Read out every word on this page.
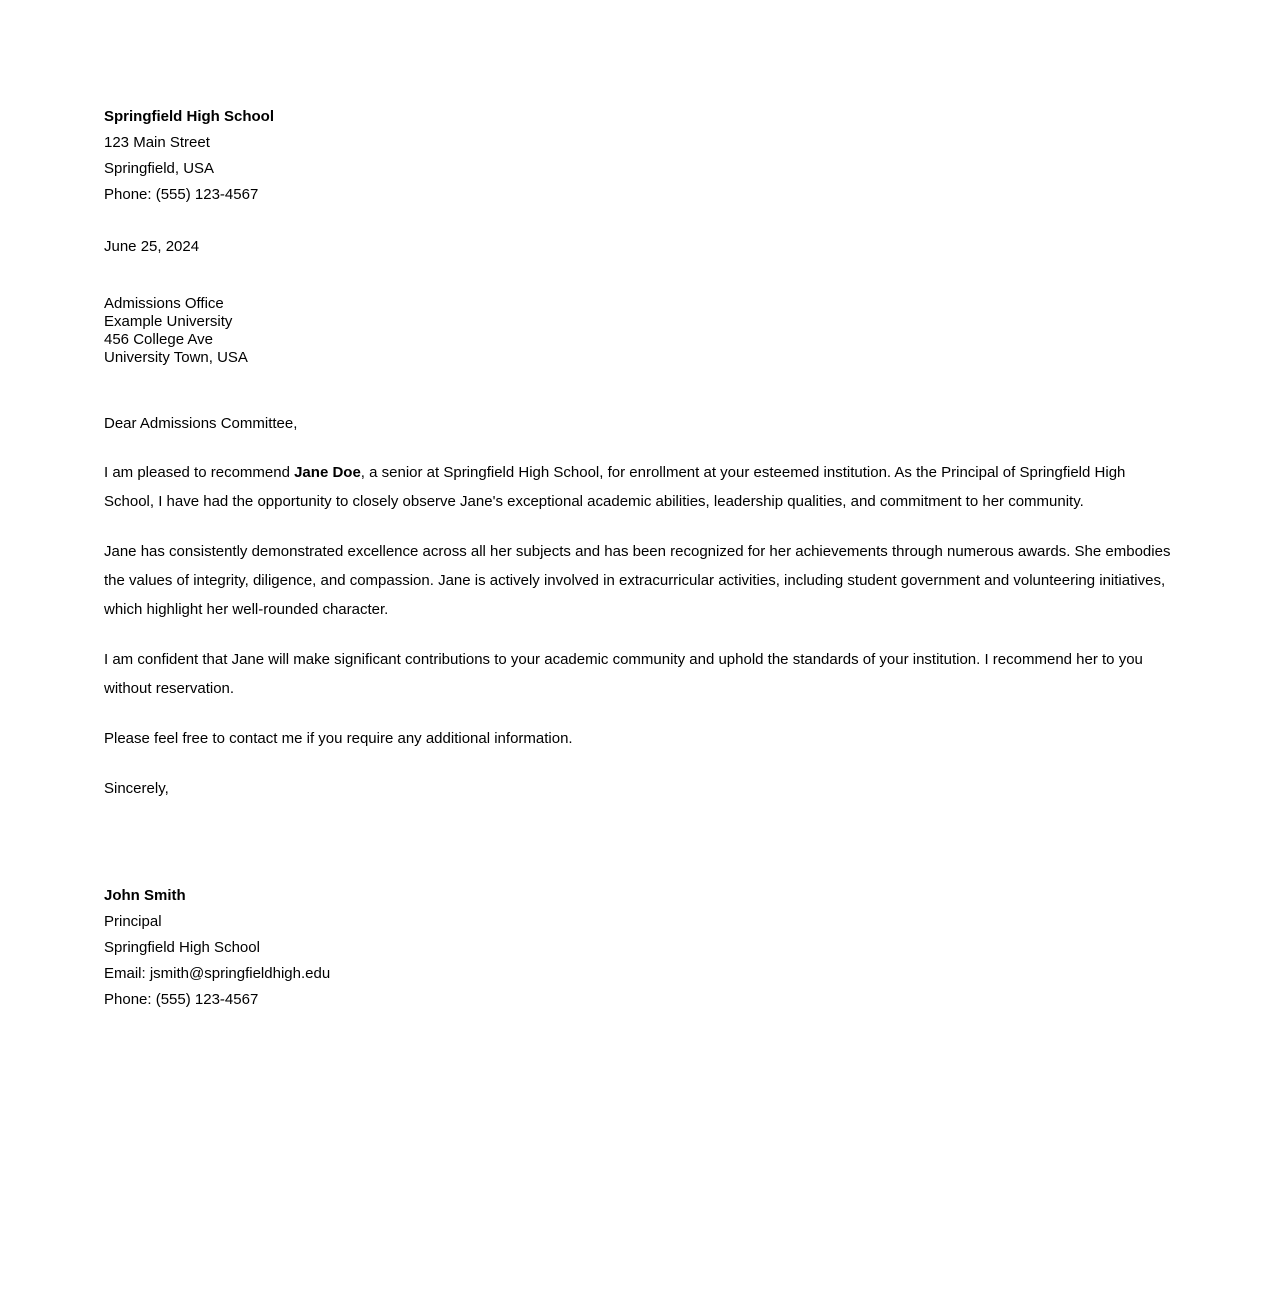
Springfield High School
123 Main Street
Springfield, USA
Phone: (555) 123-4567
June 25, 2024
Admissions Office
Example University
456 College Ave
University Town, USA
Dear Admissions Committee,

I am pleased to recommend Jane Doe, a senior at Springfield High School, for enrollment at your esteemed institution. As the Principal of Springfield High School, I have had the opportunity to closely observe Jane's exceptional academic abilities, leadership qualities, and commitment to her community.

Jane has consistently demonstrated excellence across all her subjects and has been recognized for her achievements through numerous awards. She embodies the values of integrity, diligence, and compassion. Jane is actively involved in extracurricular activities, including student government and volunteering initiatives, which highlight her well-rounded character.

I am confident that Jane will make significant contributions to your academic community and uphold the standards of your institution. I recommend her to you without reservation.

Please feel free to contact me if you require any additional information.

Sincerely,
John Smith
Principal
Springfield High School
Email: jsmith@springfieldhigh.edu
Phone: (555) 123-4567
